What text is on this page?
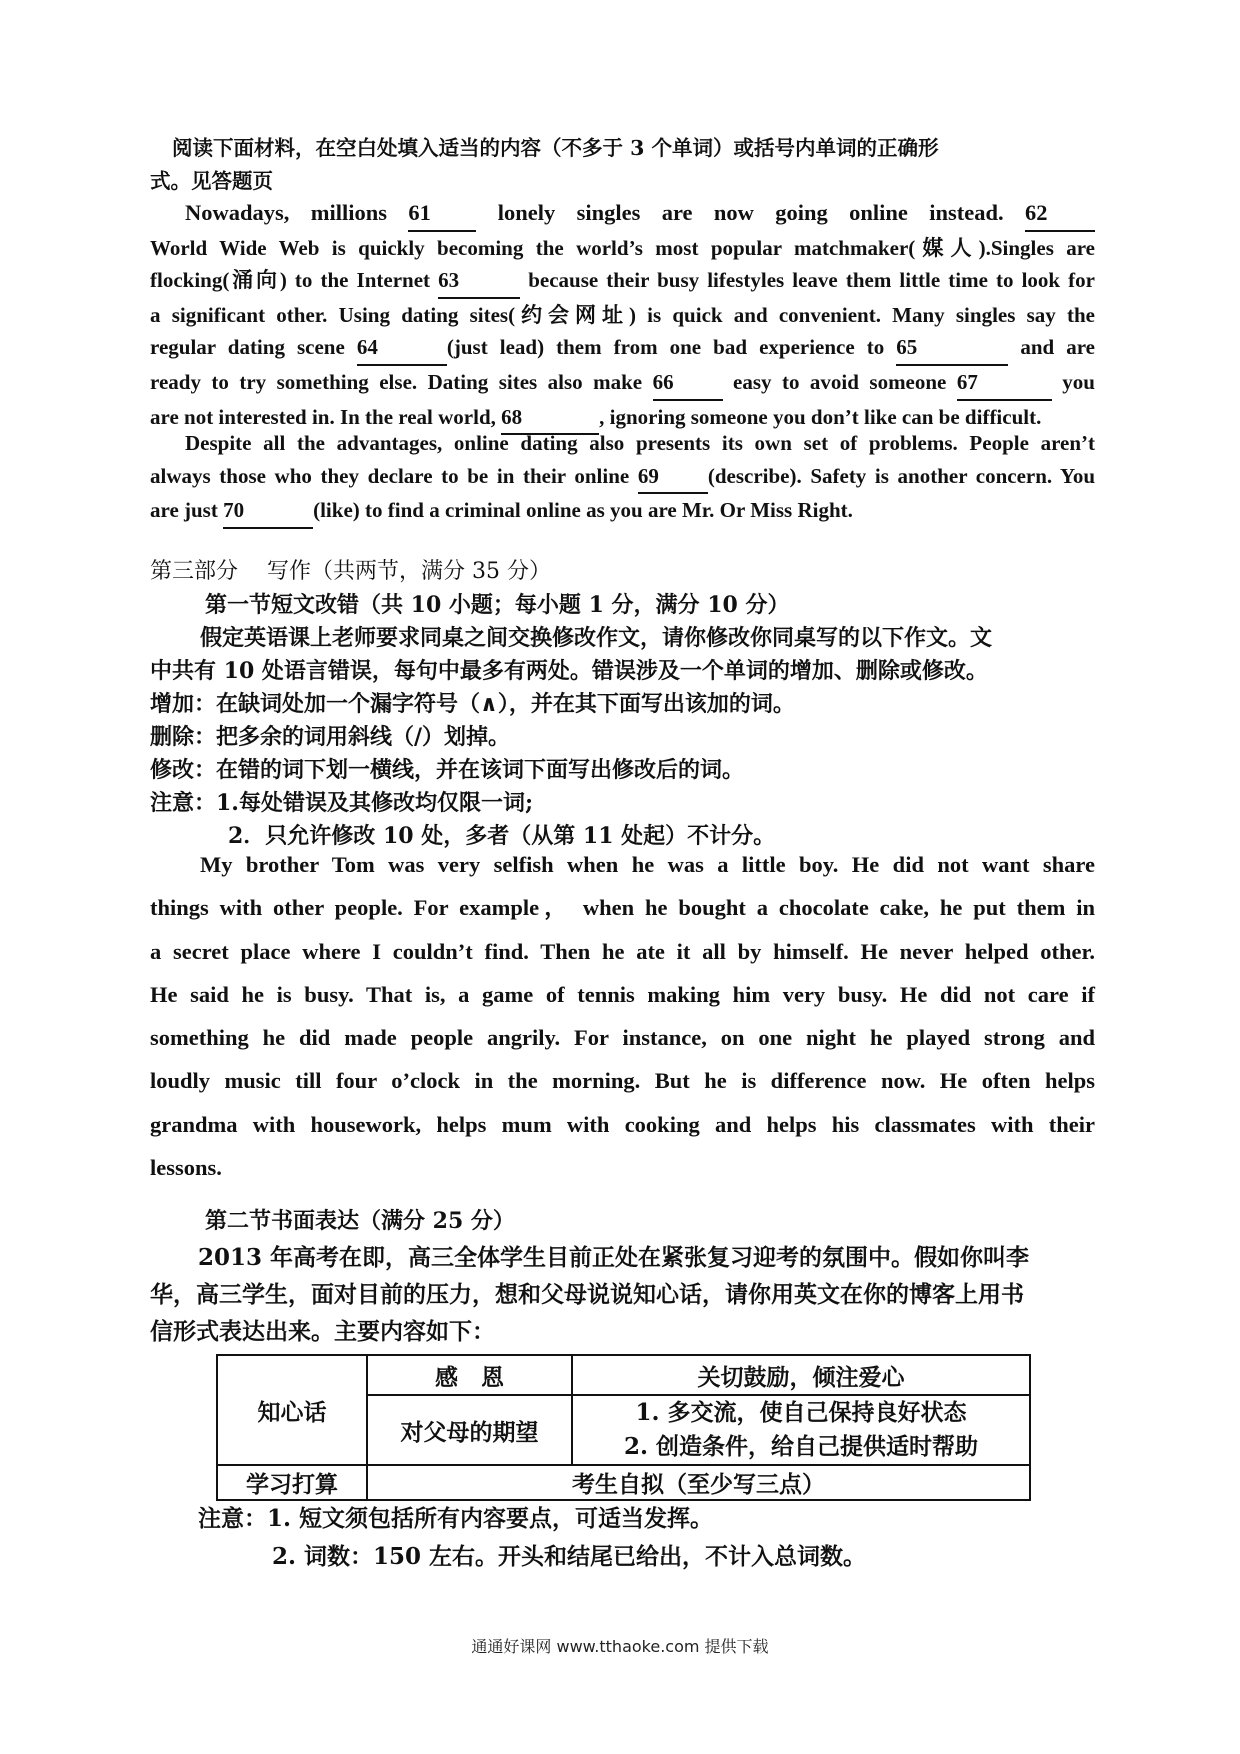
阅读下面材料，在空白处填入适当的内容（不多于 3 个单词）或括号内单词的正确形
式。见答题页
Nowadays, millions 61 lonely singles are now going online instead. 62
World Wide Web is quickly becoming the world’s most popular matchmaker(媒人).Singles are
flocking(涌向) to the Internet 63	because their busy lifestyles leave them little time to look for
a significant other. Using dating sites(约会网址) is quick and convenient. Many singles say the
regular dating scene 64	(just lead) them from one bad experience to 65	and are
ready to try something else. Dating sites also make 66 easy to avoid someone 67	you
are not interested in. In the real world, 68	, ignoring someone you don’t like can be difficult.
Despite all the advantages, online dating also presents its own set of problems. People aren’t
always those who they declare to be in their online 69 (describe). Safety is another concern. You
are just 70	(like) to find a criminal online as you are Mr. Or Miss Right.
第三部分　 写作（共两节，满分 35 分）
第一节短文改错（共 10 小题；每小题 1 分，满分 10 分）
假定英语课上老师要求同桌之间交换修改作文，请你修改你同桌写的以下作文。文
中共有 10 处语言错误，每句中最多有两处。错误涉及一个单词的增加、删除或修改。
增加：在缺词处加一个漏字符号（∧），并在其下面写出该加的词。
删除：把多余的词用斜线（/）划掉。
修改：在错的词下划一横线，并在该词下面写出修改后的词。
注意：1.每处错误及其修改均仅限一词;
2．只允许修改 10 处，多者（从第 11 处起）不计分。
My brother Tom was very selfish when he was a little boy. He did not want share
things with other people. For example， when he bought a chocolate cake, he put them in
a secret place where I couldn’t find. Then he ate it all by himself. He never helped other.
He said he is busy. That is, a game of tennis making him very busy. He did not care if
something he did made people angrily. For instance, on one night he played strong and
loudly music till four o’clock in the morning. But he is difference now. He often helps
grandma with housework, helps mum with cooking and helps his classmates with their
lessons.
第二节书面表达（满分 25 分）
2013 年高考在即，高三全体学生目前正处在紧张复习迎考的氛围中。假如你叫李
华，高三学生，面对目前的压力，想和父母说说知心话，请你用英文在你的博客上用书
信形式表达出来。主要内容如下：
知心话	感　恩	关切鼓励，倾注爱心
	对父母的期望	1. 多交流，使自己保持良好状态
2. 创造条件，给自己提供适时帮助

学习打算	考生自拟（至少写三点）	
注意：1. 短文须包括所有内容要点，可适当发挥。
2. 词数：150 左右。开头和结尾已给出，不计入总词数。
通通好课网 www.tthaoke.com 提供下载
